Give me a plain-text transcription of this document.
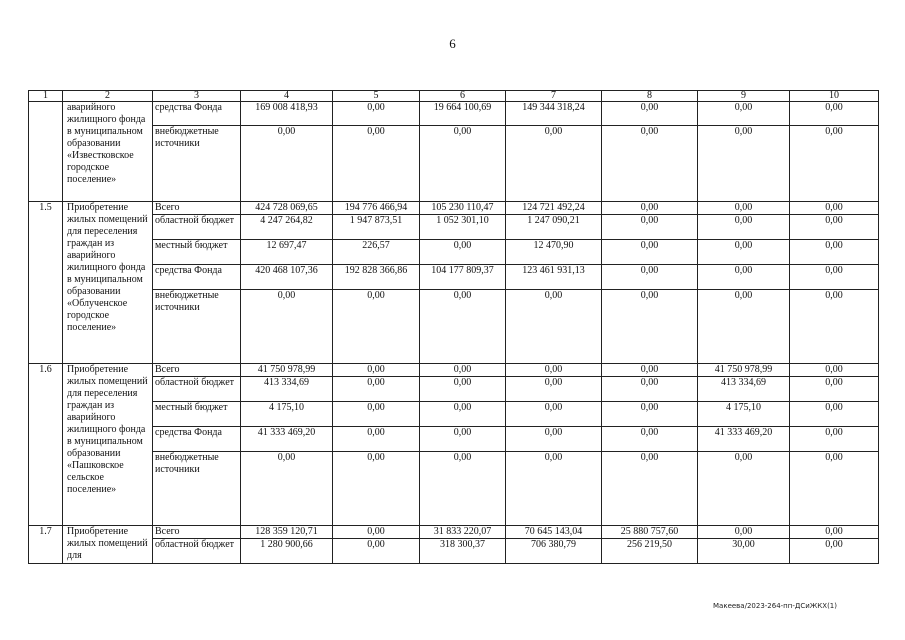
6
1	2	3	4	5	6	7	8	9	10
	аварийного жилищного фонда в муниципальном образовании «Известковское городское поселение»	средства Фонда	169 008 418,93	0,00	19 664 100,69	149 344 318,24	0,00	0,00	0,00
		внебюджетные источники	0,00	0,00	0,00	0,00	0,00	0,00	0,00
1.5	Приобретение жилых помещений для переселения граждан из аварийного жилищного фонда в муниципальном образовании «Облученское городское поселение»	Всего	424 728 069,65	194 776 466,94	105 230 110,47	124 721 492,24	0,00	0,00	0,00
		областной бюджет	4 247 264,82	1 947 873,51	1 052 301,10	1 247 090,21	0,00	0,00	0,00
		местный бюджет	12 697,47	226,57	0,00	12 470,90	0,00	0,00	0,00
		средства Фонда	420 468 107,36	192 828 366,86	104 177 809,37	123 461 931,13	0,00	0,00	0,00
		внебюджетные источники	0,00	0,00	0,00	0,00	0,00	0,00	0,00
1.6	Приобретение жилых помещений для переселения граждан из аварийного жилищного фонда в муниципальном образовании «Пашковское сельское поселение»	Всего	41 750 978,99	0,00	0,00	0,00	0,00	41 750 978,99	0,00
		областной бюджет	413 334,69	0,00	0,00	0,00	0,00	413 334,69	0,00
		местный бюджет	4 175,10	0,00	0,00	0,00	0,00	4 175,10	0,00
		средства Фонда	41 333 469,20	0,00	0,00	0,00	0,00	41 333 469,20	0,00
		внебюджетные источники	0,00	0,00	0,00	0,00	0,00	0,00	0,00
1.7	Приобретение жилых помещений для	Всего	128 359 120,71	0,00	31 833 220,07	70 645 143,04	25 880 757,60	0,00	0,00
		областной бюджет	1 280 900,66	0,00	318 300,37	706 380,79	256 219,50	30,00	0,00
Макеева/2023-264-пп-ДСиЖКХ(1)
